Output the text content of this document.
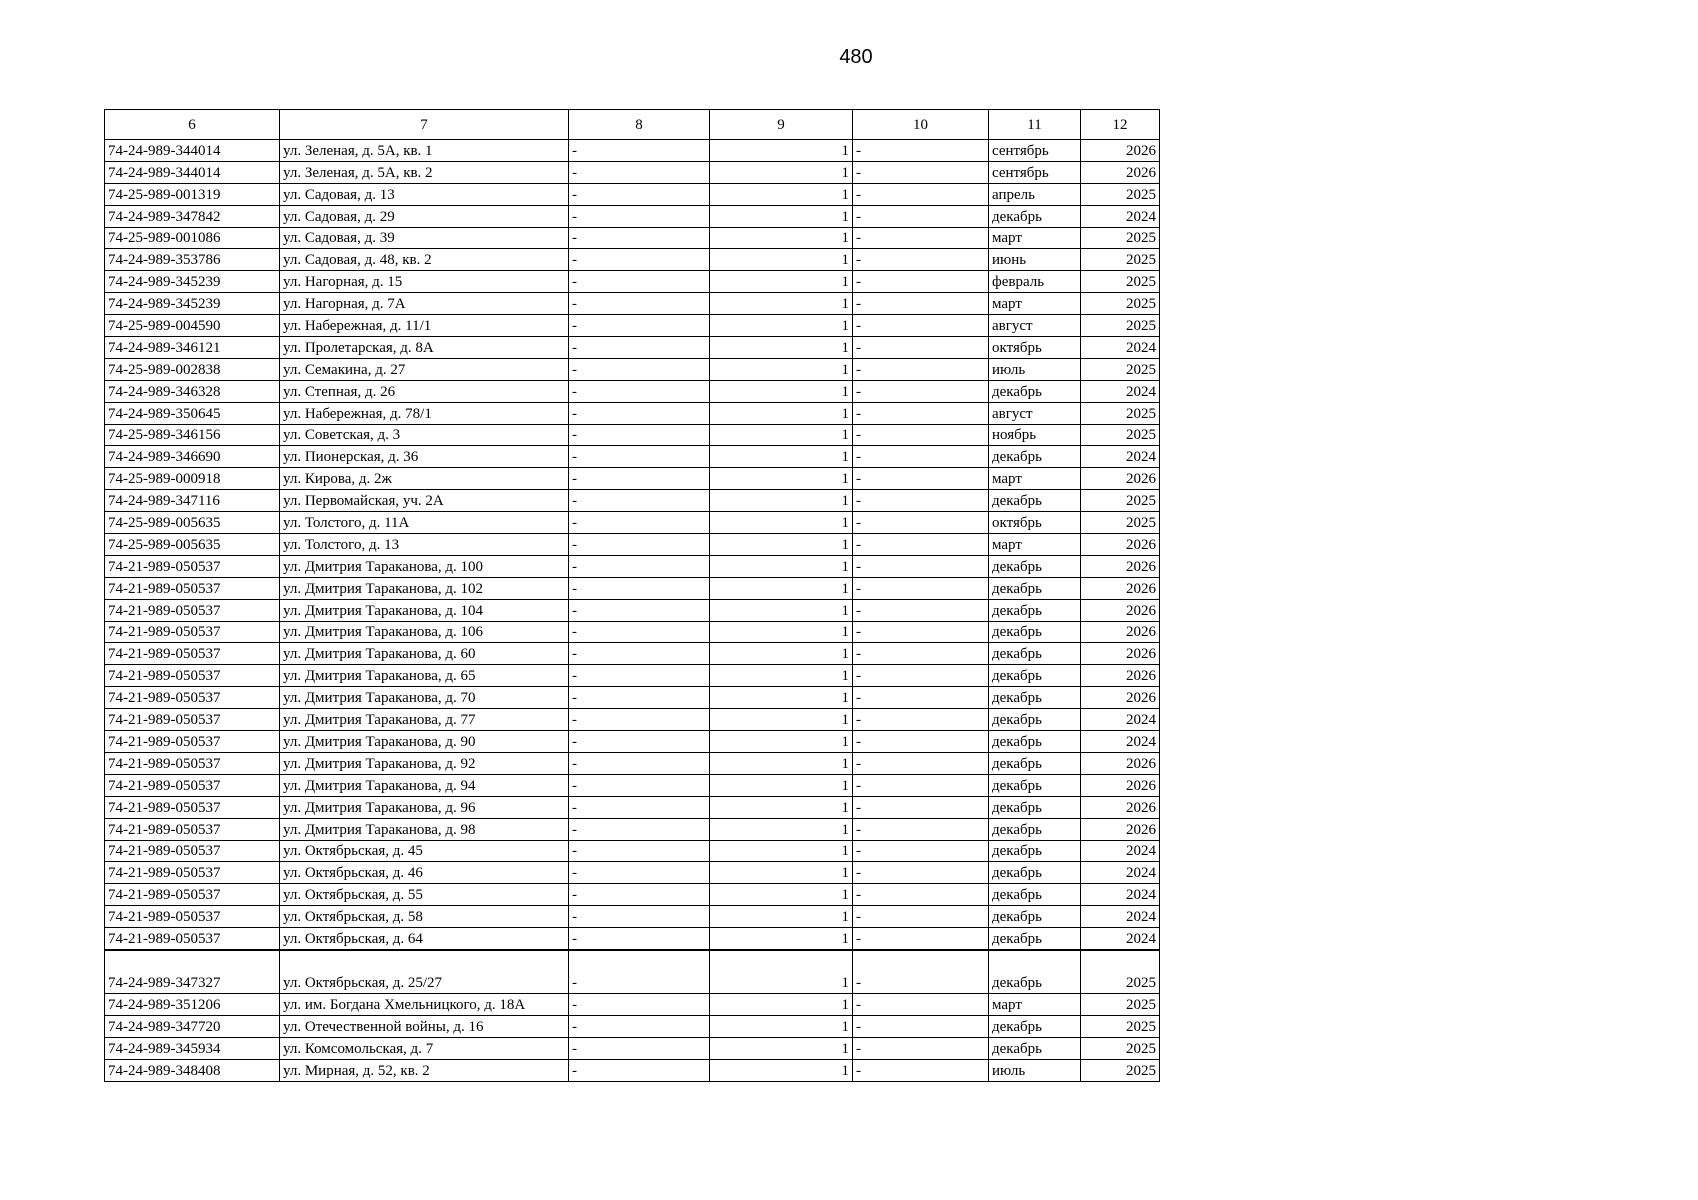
480
6	7	8	9	10	11	12
74-24-989-344014	ул. Зеленая, д. 5А, кв. 1	-	1	-	сентябрь	2026
74-24-989-344014	ул. Зеленая, д. 5А, кв. 2	-	1	-	сентябрь	2026
74-25-989-001319	ул. Садовая, д. 13	-	1	-	апрель	2025
74-24-989-347842	ул. Садовая, д. 29	-	1	-	декабрь	2024
74-25-989-001086	ул. Садовая, д. 39	-	1	-	март	2025
74-24-989-353786	ул. Садовая, д. 48, кв. 2	-	1	-	июнь	2025
74-24-989-345239	ул. Нагорная, д. 15	-	1	-	февраль	2025
74-24-989-345239	ул. Нагорная, д. 7А	-	1	-	март	2025
74-25-989-004590	ул. Набережная, д. 11/1	-	1	-	август	2025
74-24-989-346121	ул. Пролетарская, д. 8А	-	1	-	октябрь	2024
74-25-989-002838	ул. Семакина, д. 27	-	1	-	июль	2025
74-24-989-346328	ул. Степная, д. 26	-	1	-	декабрь	2024
74-24-989-350645	ул. Набережная, д. 78/1	-	1	-	август	2025
74-25-989-346156	ул. Советская, д. 3	-	1	-	ноябрь	2025
74-24-989-346690	ул. Пионерская, д. 36	-	1	-	декабрь	2024
74-25-989-000918	ул. Кирова, д. 2ж	-	1	-	март	2026
74-24-989-347116	ул. Первомайская, уч. 2А	-	1	-	декабрь	2025
74-25-989-005635	ул. Толстого, д. 11А	-	1	-	октябрь	2025
74-25-989-005635	ул. Толстого, д. 13	-	1	-	март	2026
74-21-989-050537	ул. Дмитрия Тараканова, д. 100	-	1	-	декабрь	2026
74-21-989-050537	ул. Дмитрия Тараканова, д. 102	-	1	-	декабрь	2026
74-21-989-050537	ул. Дмитрия Тараканова, д. 104	-	1	-	декабрь	2026
74-21-989-050537	ул. Дмитрия Тараканова, д. 106	-	1	-	декабрь	2026
74-21-989-050537	ул. Дмитрия Тараканова, д. 60	-	1	-	декабрь	2026
74-21-989-050537	ул. Дмитрия Тараканова, д. 65	-	1	-	декабрь	2026
74-21-989-050537	ул. Дмитрия Тараканова, д. 70	-	1	-	декабрь	2026
74-21-989-050537	ул. Дмитрия Тараканова, д. 77	-	1	-	декабрь	2024
74-21-989-050537	ул. Дмитрия Тараканова, д. 90	-	1	-	декабрь	2024
74-21-989-050537	ул. Дмитрия Тараканова, д. 92	-	1	-	декабрь	2026
74-21-989-050537	ул. Дмитрия Тараканова, д. 94	-	1	-	декабрь	2026
74-21-989-050537	ул. Дмитрия Тараканова, д. 96	-	1	-	декабрь	2026
74-21-989-050537	ул. Дмитрия Тараканова, д. 98	-	1	-	декабрь	2026
74-21-989-050537	ул. Октябрьская, д. 45	-	1	-	декабрь	2024
74-21-989-050537	ул. Октябрьская, д. 46	-	1	-	декабрь	2024
74-21-989-050537	ул. Октябрьская, д. 55	-	1	-	декабрь	2024
74-21-989-050537	ул. Октябрьская, д. 58	-	1	-	декабрь	2024
74-21-989-050537	ул. Октябрьская, д. 64	-	1	-	декабрь	2024
74-24-989-347327	ул. Октябрьская, д. 25/27	-	1	-	декабрь	2025
74-24-989-351206	ул. им. Богдана Хмельницкого, д. 18А	-	1	-	март	2025
74-24-989-347720	ул. Отечественной войны, д. 16	-	1	-	декабрь	2025
74-24-989-345934	ул. Комсомольская, д. 7	-	1	-	декабрь	2025
74-24-989-348408	ул. Мирная, д. 52, кв. 2	-	1	-	июль	2025
